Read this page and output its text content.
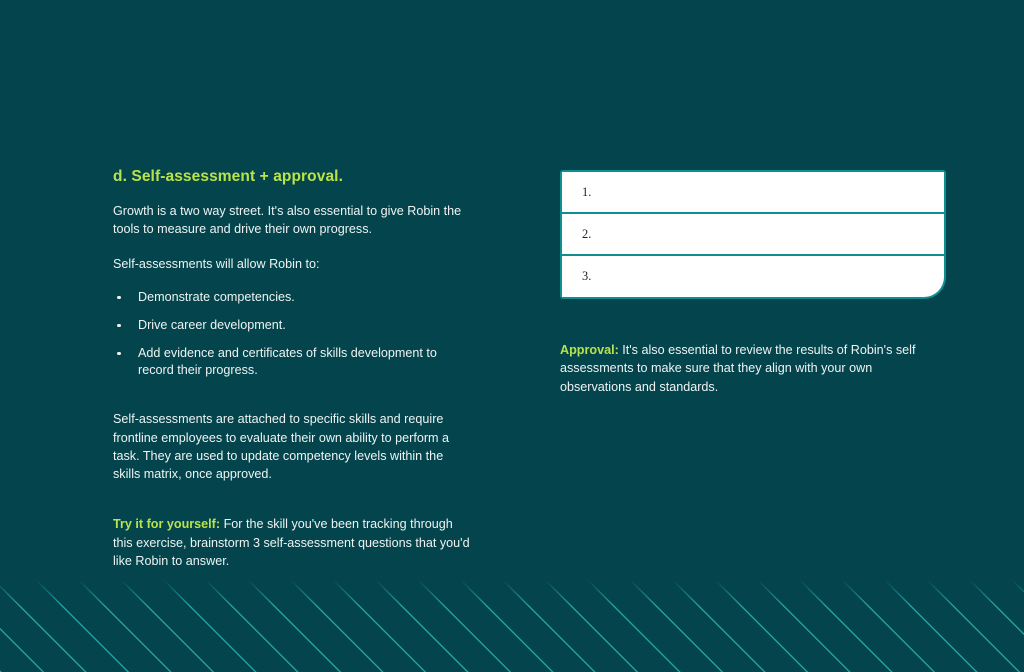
d. Self-assessment + approval.

Growth is a two way street. It's also essential to give Robin the tools to measure and drive their own progress.

Self-assessments will allow Robin to:

Demonstrate competencies.
Drive career development.
Add evidence and certificates of skills development to record their progress.

Self-assessments are attached to specific skills and require frontline employees to evaluate their own ability to perform a task. They are used to update competency levels within the skills matrix, once approved.

Try it for yourself: For the skill you've been tracking through this exercise, brainstorm 3 self-assessment questions that you'd like Robin to answer.

1.
2.
3.

Approval: It's also essential to review the results of Robin's self assessments to make sure that they align with your own observations and standards.
